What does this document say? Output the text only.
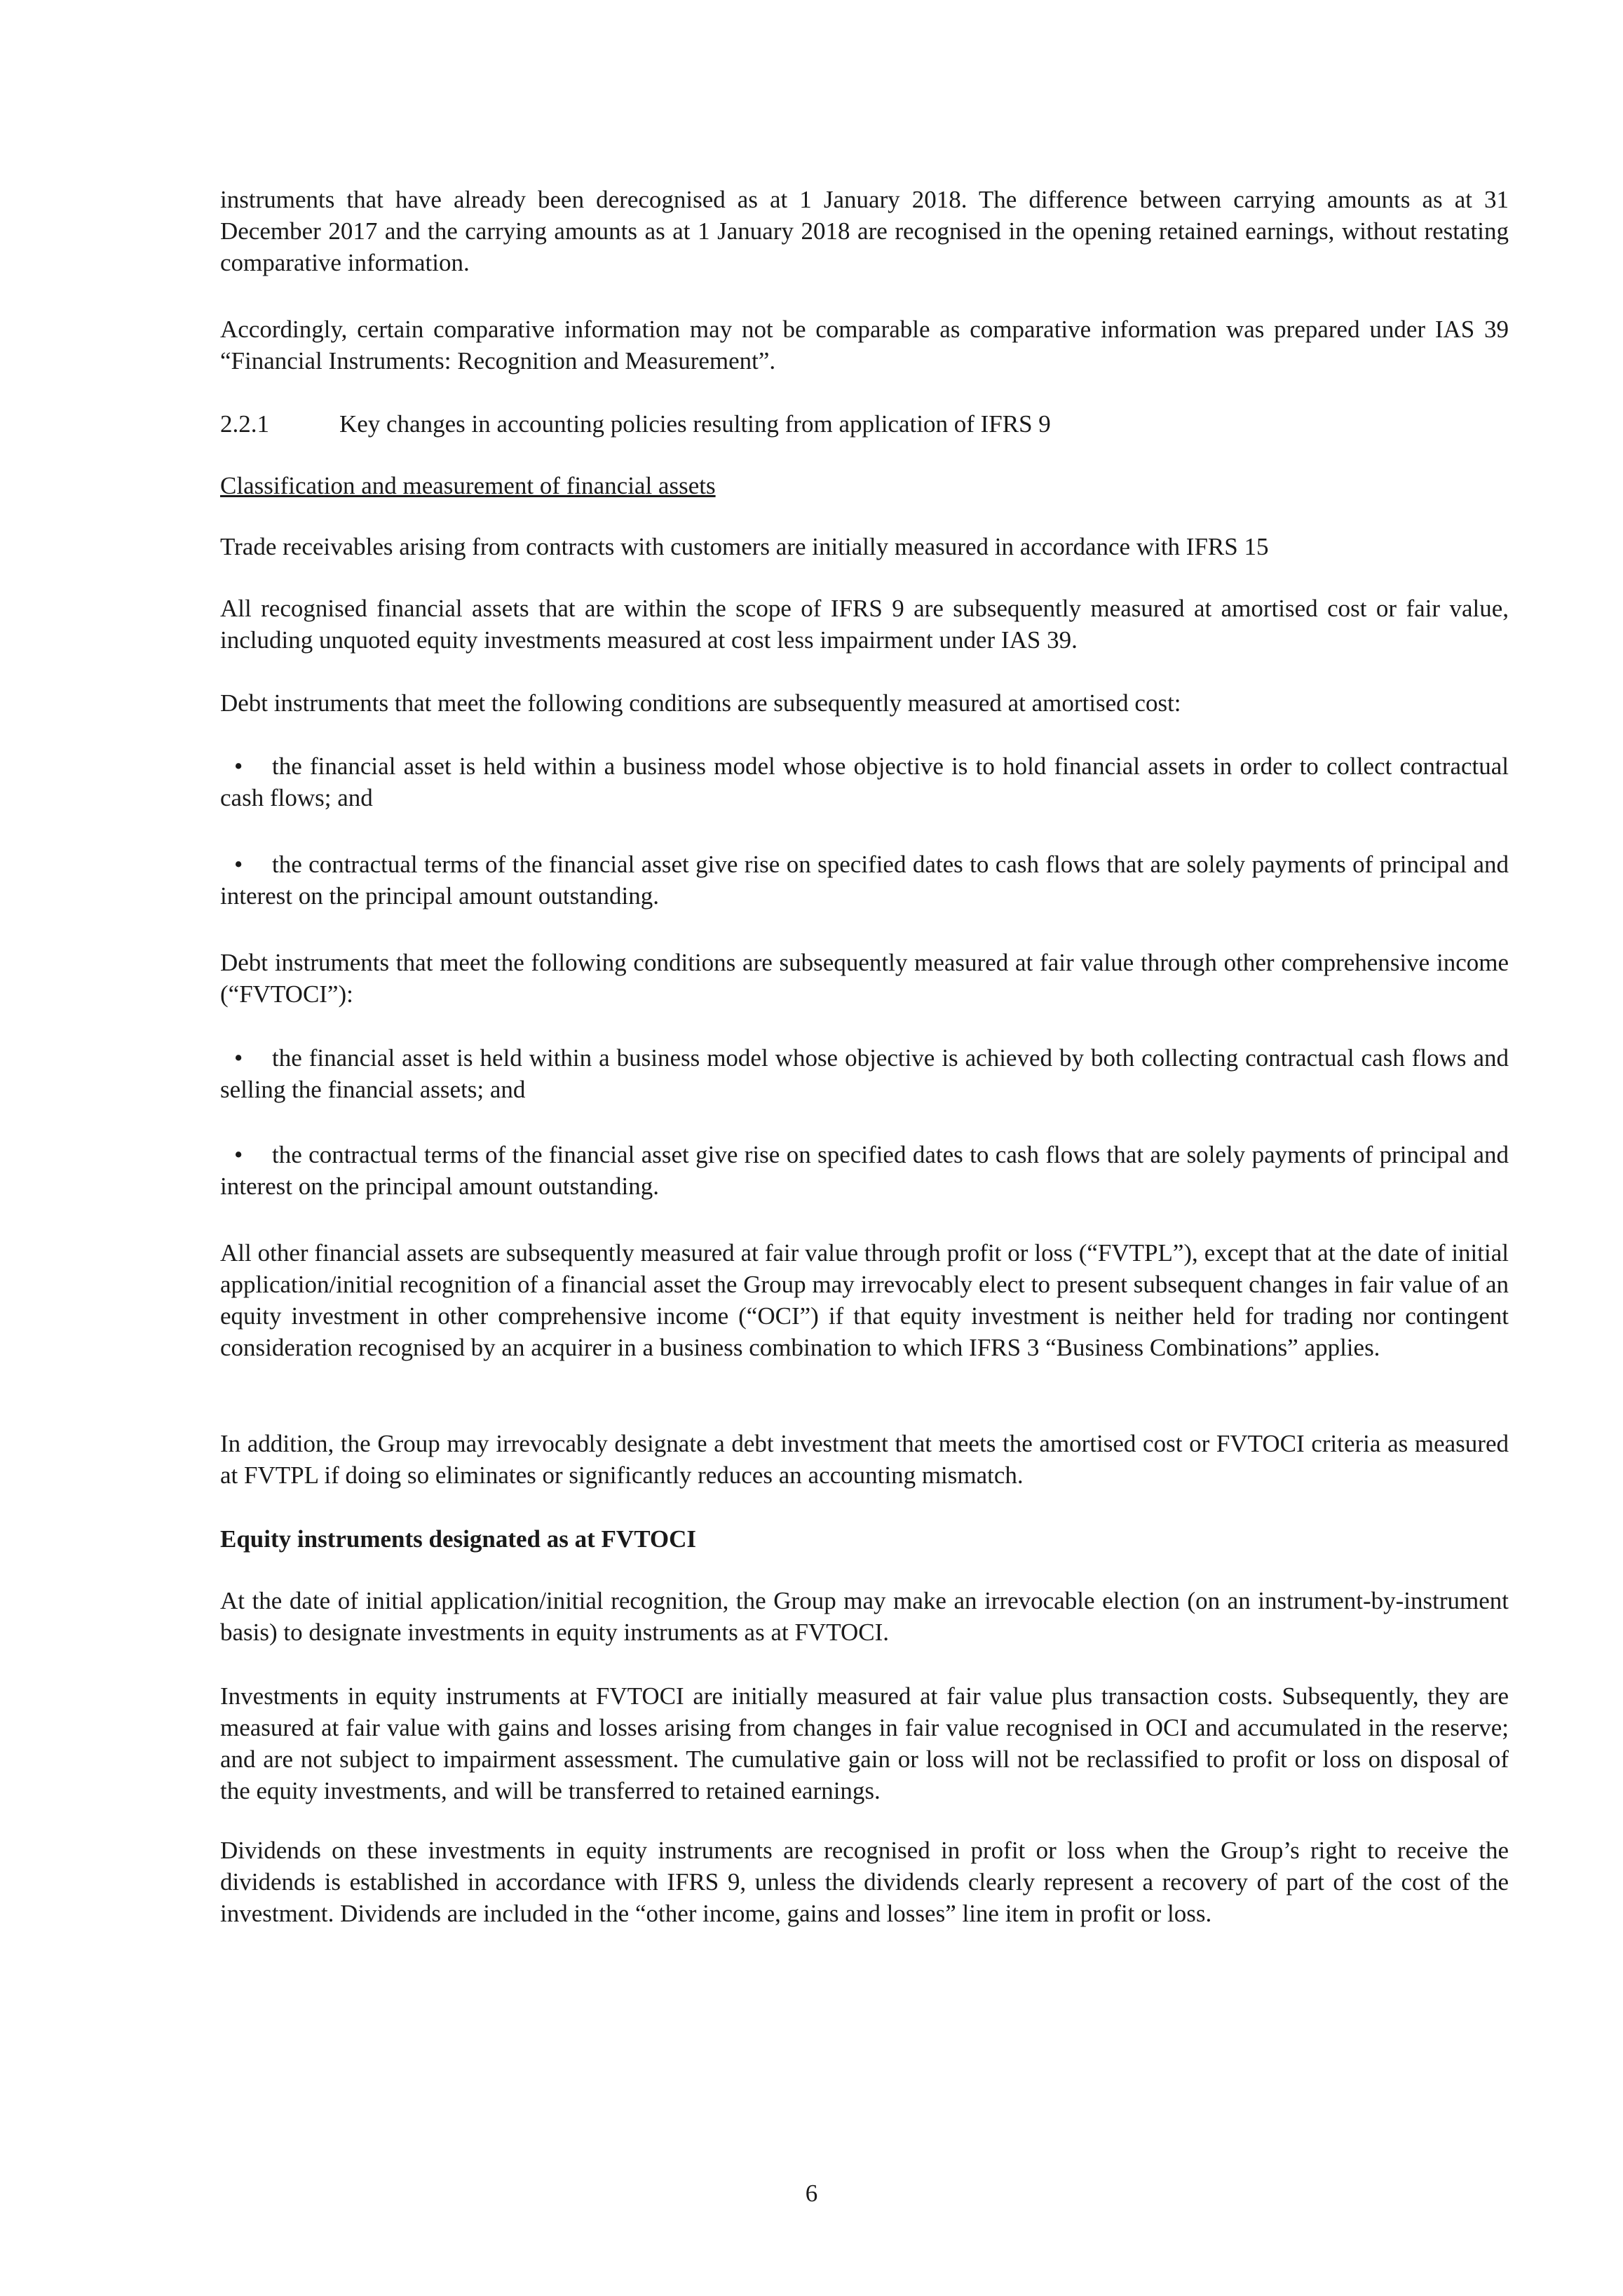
instruments that have already been derecognised as at 1 January 2018. The difference between carrying amounts as at 31 December 2017 and the carrying amounts as at 1 January 2018 are recognised in the opening retained earnings, without restating comparative information.

Accordingly, certain comparative information may not be comparable as comparative information was prepared under IAS 39 “Financial Instruments: Recognition and Measurement”.

2.2.1	Key changes in accounting policies resulting from application of IFRS 9

Classification and measurement of financial assets

Trade receivables arising from contracts with customers are initially measured in accordance with IFRS 15

All recognised financial assets that are within the scope of IFRS 9 are subsequently measured at amortised cost or fair value, including unquoted equity investments measured at cost less impairment under IAS 39.

Debt instruments that meet the following conditions are subsequently measured at amortised cost:

• the financial asset is held within a business model whose objective is to hold financial assets in order to collect contractual cash flows; and

• the contractual terms of the financial asset give rise on specified dates to cash flows that are solely payments of principal and interest on the principal amount outstanding.

Debt instruments that meet the following conditions are subsequently measured at fair value through other comprehensive income (“FVTOCI”):

• the financial asset is held within a business model whose objective is achieved by both collecting contractual cash flows and selling the financial assets; and

• the contractual terms of the financial asset give rise on specified dates to cash flows that are solely payments of principal and interest on the principal amount outstanding.

All other financial assets are subsequently measured at fair value through profit or loss (“FVTPL”), except that at the date of initial application/initial recognition of a financial asset the Group may irrevocably elect to present subsequent changes in fair value of an equity investment in other comprehensive income (“OCI”) if that equity investment is neither held for trading nor contingent consideration recognised by an acquirer in a business combination to which IFRS 3 “Business Combinations” applies.

In addition, the Group may irrevocably designate a debt investment that meets the amortised cost or FVTOCI criteria as measured at FVTPL if doing so eliminates or significantly reduces an accounting mismatch.

Equity instruments designated as at FVTOCI

At the date of initial application/initial recognition, the Group may make an irrevocable election (on an instrument-by-instrument basis) to designate investments in equity instruments as at FVTOCI.

Investments in equity instruments at FVTOCI are initially measured at fair value plus transaction costs. Subsequently, they are measured at fair value with gains and losses arising from changes in fair value recognised in OCI and accumulated in the reserve; and are not subject to impairment assessment. The cumulative gain or loss will not be reclassified to profit or loss on disposal of the equity investments, and will be transferred to retained earnings.

Dividends on these investments in equity instruments are recognised in profit or loss when the Group’s right to receive the dividends is established in accordance with IFRS 9, unless the dividends clearly represent a recovery of part of the cost of the investment. Dividends are included in the “other income, gains and losses” line item in profit or loss.

6
